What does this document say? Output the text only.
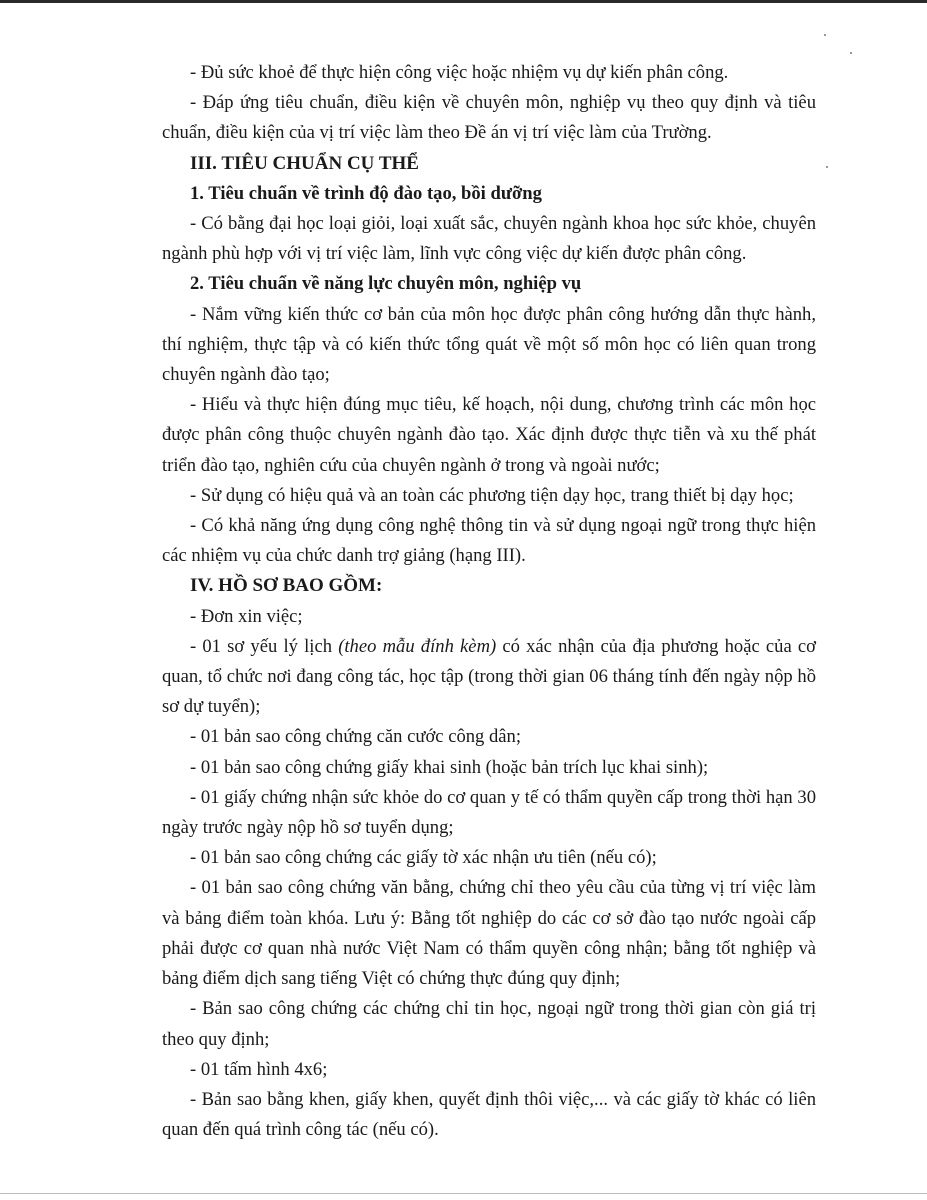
- Đủ sức khoẻ để thực hiện công việc hoặc nhiệm vụ dự kiến phân công.

- Đáp ứng tiêu chuẩn, điều kiện về chuyên môn, nghiệp vụ theo quy định và tiêu chuẩn, điều kiện của vị trí việc làm theo Đề án vị trí việc làm của Trường.

III. TIÊU CHUẨN CỤ THỂ

1. Tiêu chuẩn về trình độ đào tạo, bồi dưỡng

- Có bằng đại học loại giỏi, loại xuất sắc, chuyên ngành khoa học sức khỏe, chuyên ngành phù hợp với vị trí việc làm, lĩnh vực công việc dự kiến được phân công.

2. Tiêu chuẩn về năng lực chuyên môn, nghiệp vụ

- Nắm vững kiến thức cơ bản của môn học được phân công hướng dẫn thực hành, thí nghiệm, thực tập và có kiến thức tổng quát về một số môn học có liên quan trong chuyên ngành đào tạo;

- Hiểu và thực hiện đúng mục tiêu, kế hoạch, nội dung, chương trình các môn học được phân công thuộc chuyên ngành đào tạo. Xác định được thực tiễn và xu thế phát triển đào tạo, nghiên cứu của chuyên ngành ở trong và ngoài nước;

- Sử dụng có hiệu quả và an toàn các phương tiện dạy học, trang thiết bị dạy học;

- Có khả năng ứng dụng công nghệ thông tin và sử dụng ngoại ngữ trong thực hiện các nhiệm vụ của chức danh trợ giảng (hạng III).

IV. HỒ SƠ BAO GỒM:

- Đơn xin việc;

- 01 sơ yếu lý lịch (theo mẫu đính kèm) có xác nhận của địa phương hoặc của cơ quan, tổ chức nơi đang công tác, học tập (trong thời gian 06 tháng tính đến ngày nộp hồ sơ dự tuyển);

- 01 bản sao công chứng căn cước công dân;

- 01 bản sao công chứng giấy khai sinh (hoặc bản trích lục khai sinh);

- 01 giấy chứng nhận sức khỏe do cơ quan y tế có thẩm quyền cấp trong thời hạn 30 ngày trước ngày nộp hồ sơ tuyển dụng;

- 01 bản sao công chứng các giấy tờ xác nhận ưu tiên (nếu có);

- 01 bản sao công chứng văn bằng, chứng chỉ theo yêu cầu của từng vị trí việc làm và bảng điểm toàn khóa. Lưu ý: Bằng tốt nghiệp do các cơ sở đào tạo nước ngoài cấp phải được cơ quan nhà nước Việt Nam có thẩm quyền công nhận; bằng tốt nghiệp và bảng điểm dịch sang tiếng Việt có chứng thực đúng quy định;

- Bản sao công chứng các chứng chỉ tin học, ngoại ngữ trong thời gian còn giá trị theo quy định;

- 01 tấm hình 4x6;

- Bản sao bằng khen, giấy khen, quyết định thôi việc,... và các giấy tờ khác có liên quan đến quá trình công tác (nếu có).
